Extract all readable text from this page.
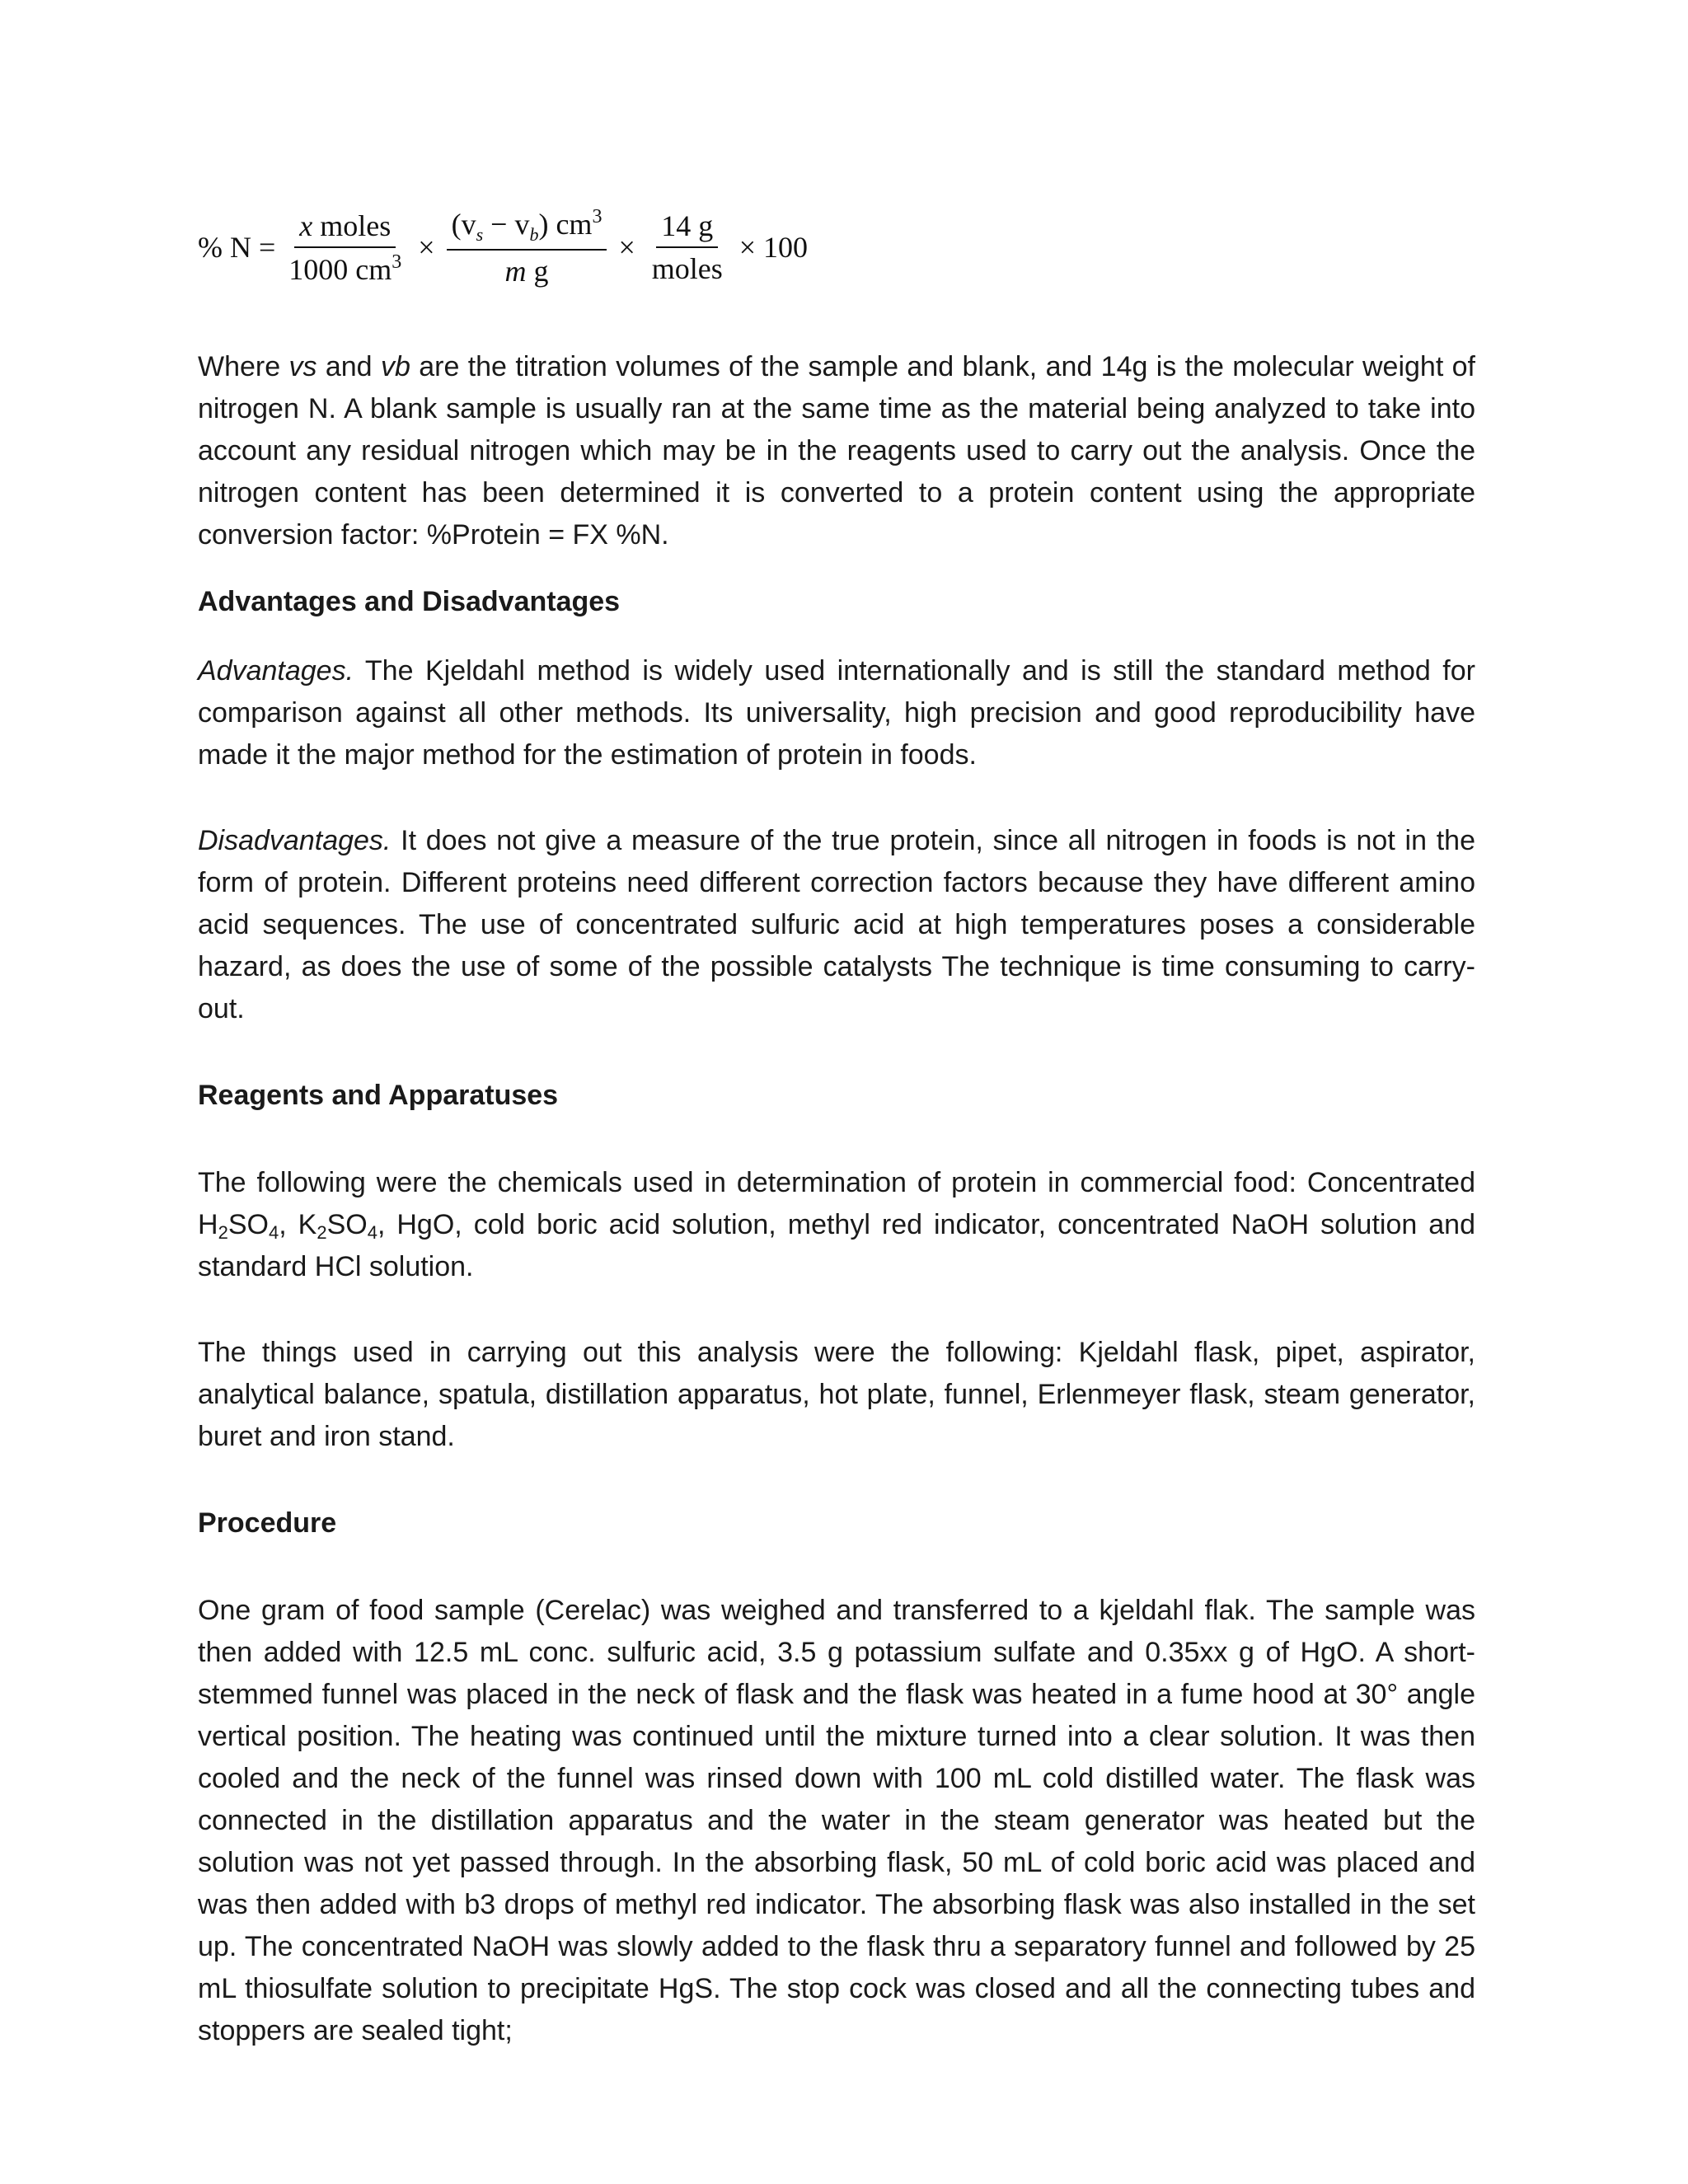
% $N = \frac{\text{x moles}}{1000 cm^3} \times \frac{(v_s - v_b) cm^3}{\text{m g}} \times \frac{14 g}{\text{moles}} \times 100$

Where vs and vb are the titration volumes of the sample and blank, and 14g is the molecular weight of nitrogen N. A blank sample is usually ran at the same time as the material being analyzed to take into account any residual nitrogen which may be in the reagents used to carry out the analysis. Once the nitrogen content has been determined it is converted to a protein content using the appropriate conversion factor: %Protein = FX %N.

Advantages and Disadvantages

Advantages. The Kjeldahl method is widely used internationally and is still the standard method for comparison against all other methods. Its universality, high precision and good reproducibility have made it the major method for the estimation of protein in foods.

Disadvantages. It does not give a measure of the true protein, since all nitrogen in foods is not in the form of protein. Different proteins need different correction factors because they have different amino acid sequences. The use of concentrated sulfuric acid at high temperatures poses a considerable hazard, as does the use of some of the possible catalysts The technique is time consuming to carry-out.

Reagents and Apparatuses

The following were the chemicals used in determination of protein in commercial food: Concentrated $H_2SO_4$, $K_2SO_4$, HgO, cold boric acid solution, methyl red indicator, concentrated NaOH solution and standard HCl solution.

The things used in carrying out this analysis were the following: Kjeldahl flask, pipet, aspirator, analytical balance, spatula, distillation apparatus, hot plate, funnel, Erlenmeyer flask, steam generator, buret and iron stand.

Procedure

One gram of food sample (Cerelac) was weighed and transferred to a kjeldahl flak. The sample was then added with 12.5 mL conc. sulfuric acid, 3.5 g potassium sulfate and 0.35xx g of HgO. A short-stemmed funnel was placed in the neck of flask and the flask was heated in a fume hood at 30° angle vertical position. The heating was continued until the mixture turned into a clear solution. It was then cooled and the neck of the funnel was rinsed down with 100 mL cold distilled water. The flask was connected in the distillation apparatus and the water in the steam generator was heated but the solution was not yet passed through. In the absorbing flask, 50 mL of cold boric acid was placed and was then added with b3 drops of methyl red indicator. The absorbing flask was also installed in the set up. The concentrated NaOH was slowly added to the flask thru a separatory funnel and followed by 25 mL thiosulfate solution to precipitate HgS. The stop cock was closed and all the connecting tubes and stoppers are sealed tight;
